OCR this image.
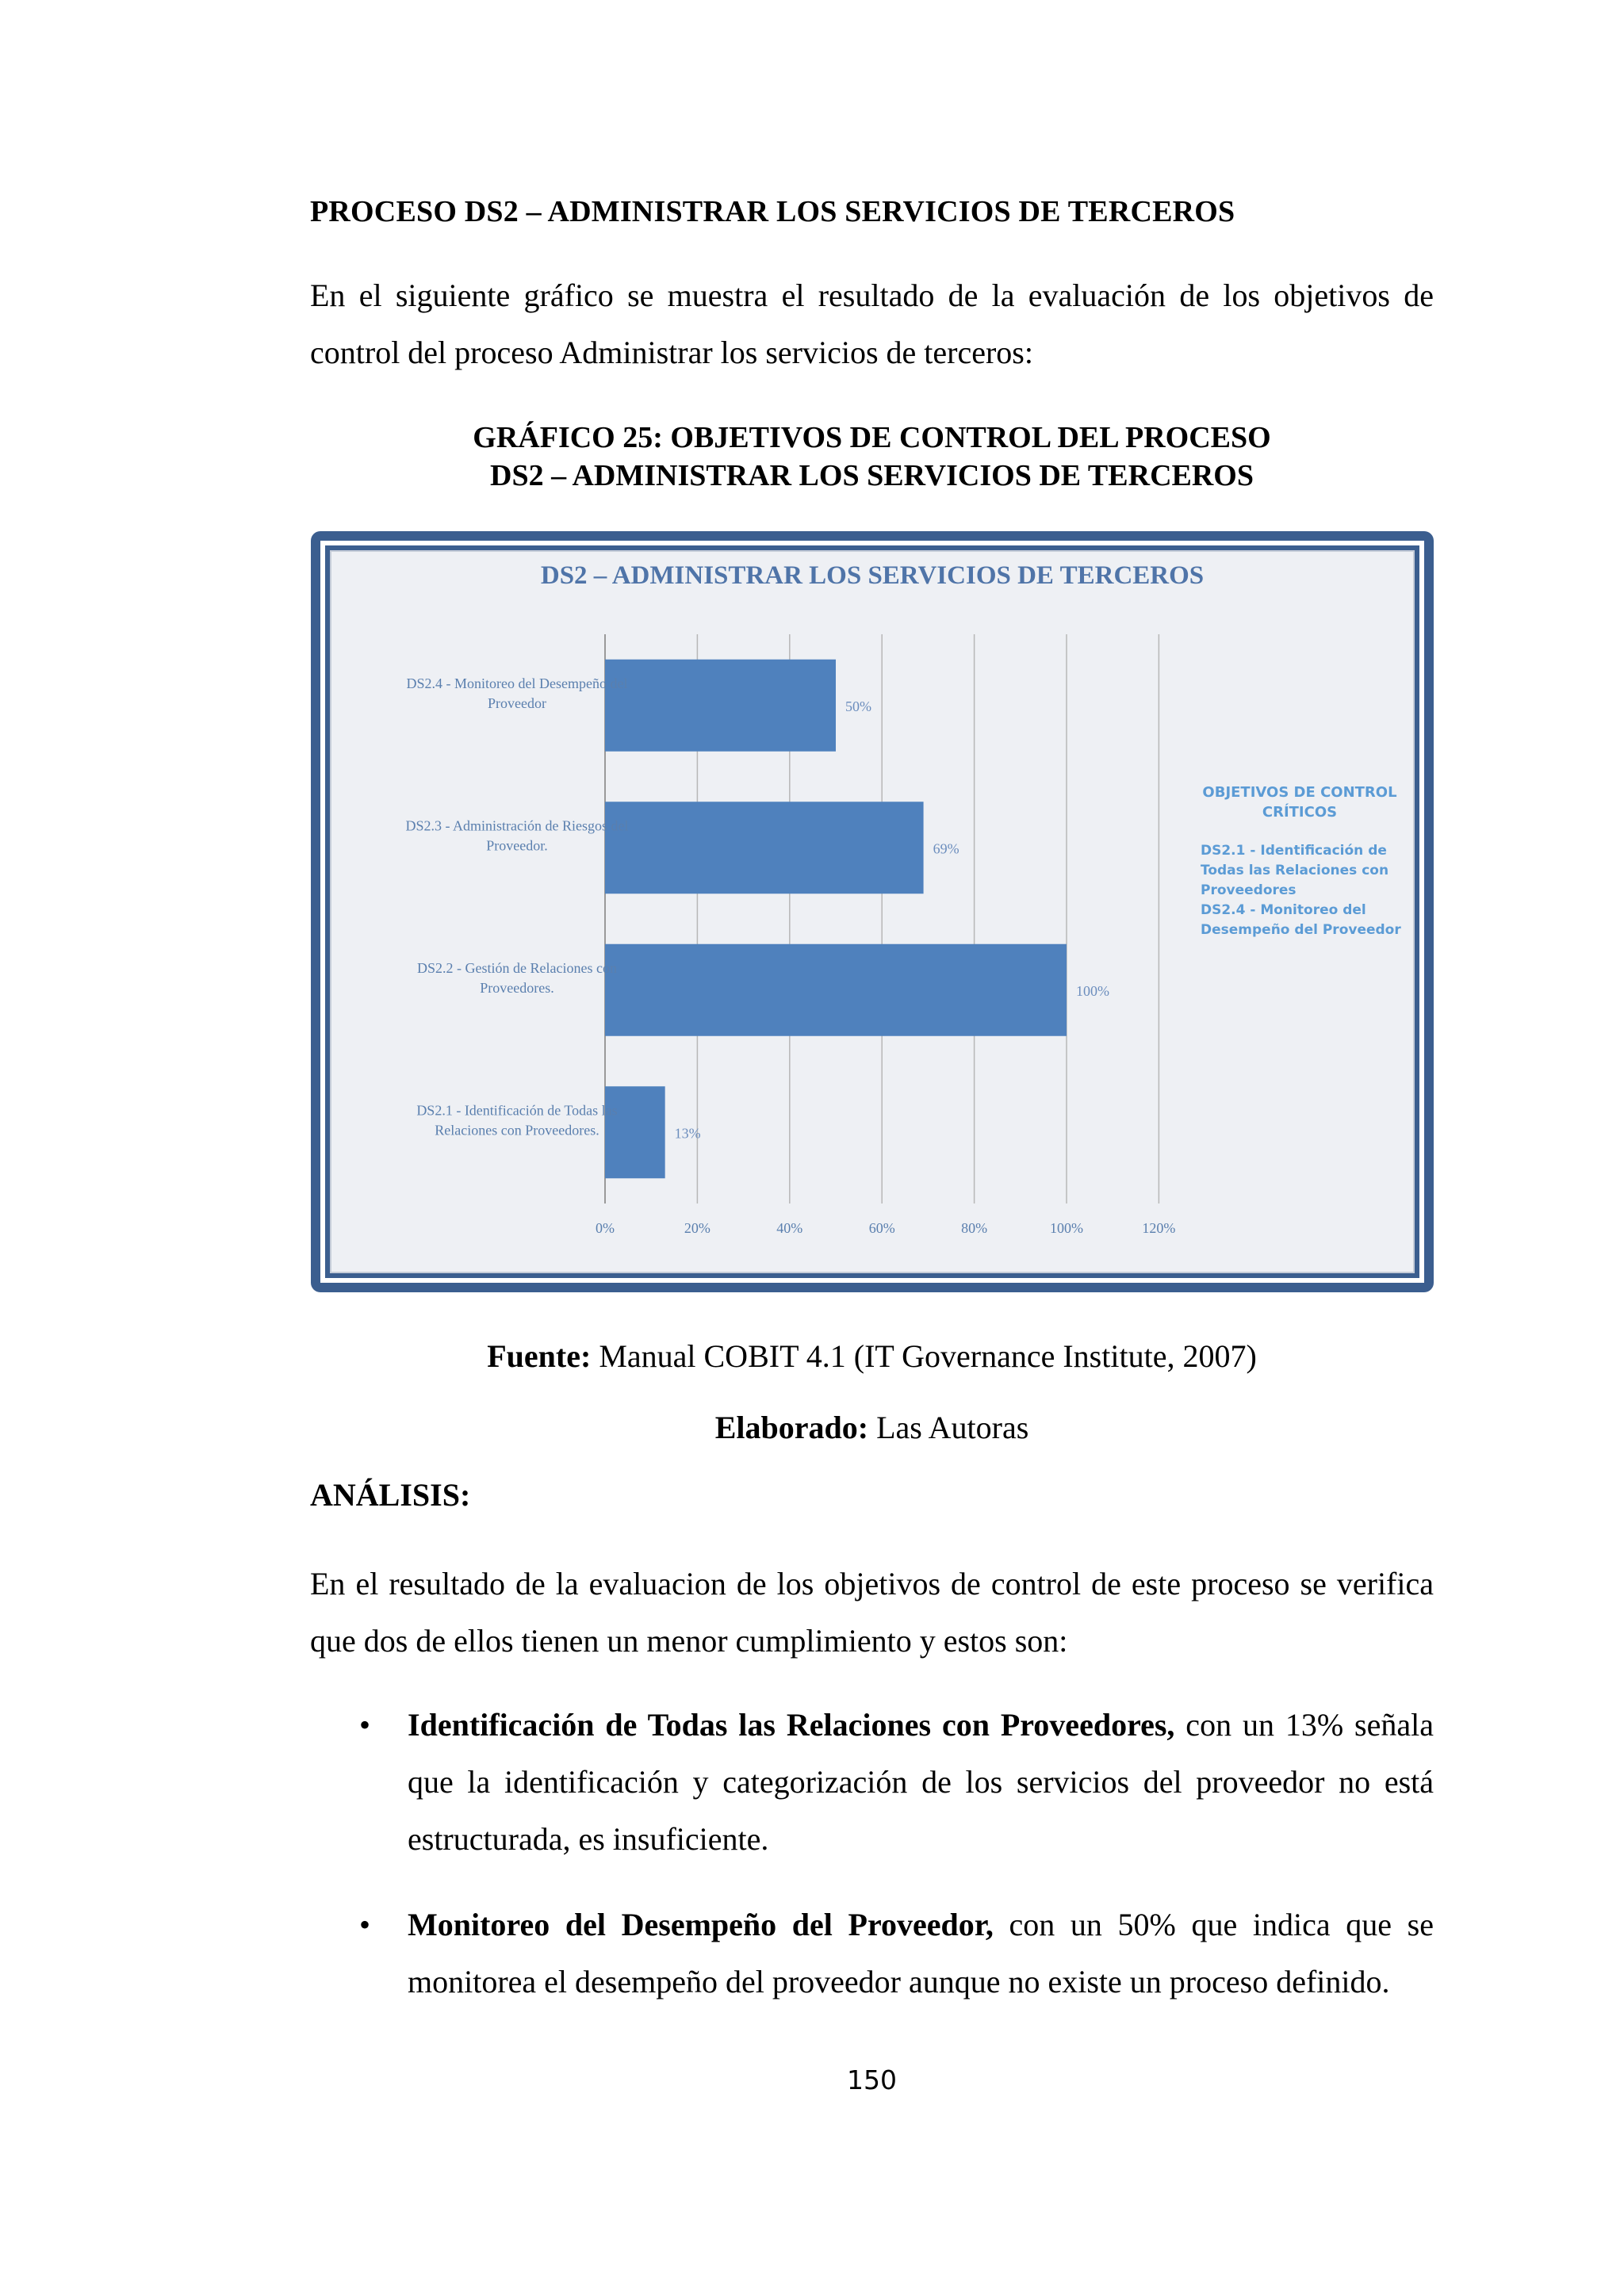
PROCESO DS2 – ADMINISTRAR LOS SERVICIOS DE TERCEROS
En el siguiente gráfico se muestra el resultado de la evaluación de los objetivos de control del proceso Administrar los servicios de terceros:
GRÁFICO 25: OBJETIVOS DE CONTROL DEL PROCESO
DS2 – ADMINISTRAR LOS SERVICIOS DE TERCEROS
DS2 – ADMINISTRAR LOS SERVICIOS DE TERCEROS
0%	20%	40%	60%	80%	100%	120%
50%
DS2.4 - Monitoreo del Desempeño del
Proveedor
69%
DS2.3 - Administración de Riesgos del
Proveedor.
100%
DS2.2 - Gestión de Relaciones con
Proveedores.
13%
DS2.1 - Identificación de Todas las
Relaciones con Proveedores.
OBJETIVOS DE CONTROL
CRÍTICOS
DS2.1 - Identificación de
Todas las Relaciones con
Proveedores
DS2.4 - Monitoreo del
Desempeño del Proveedor
Fuente: Manual COBIT 4.1 (IT Governance Institute, 2007)
Elaborado: Las Autoras
ANÁLISIS:
En el resultado de la evaluacion de los objetivos de control de este proceso se verifica que dos de ellos tienen un menor cumplimiento y estos son:
• Identificación de Todas las Relaciones con Proveedores, con un 13% señala que la identificación y categorización de los servicios del proveedor no está estructurada, es insuficiente.
• Monitoreo del Desempeño del Proveedor, con un 50% que indica que se monitorea el desempeño del proveedor aunque no existe un proceso definido.
150
